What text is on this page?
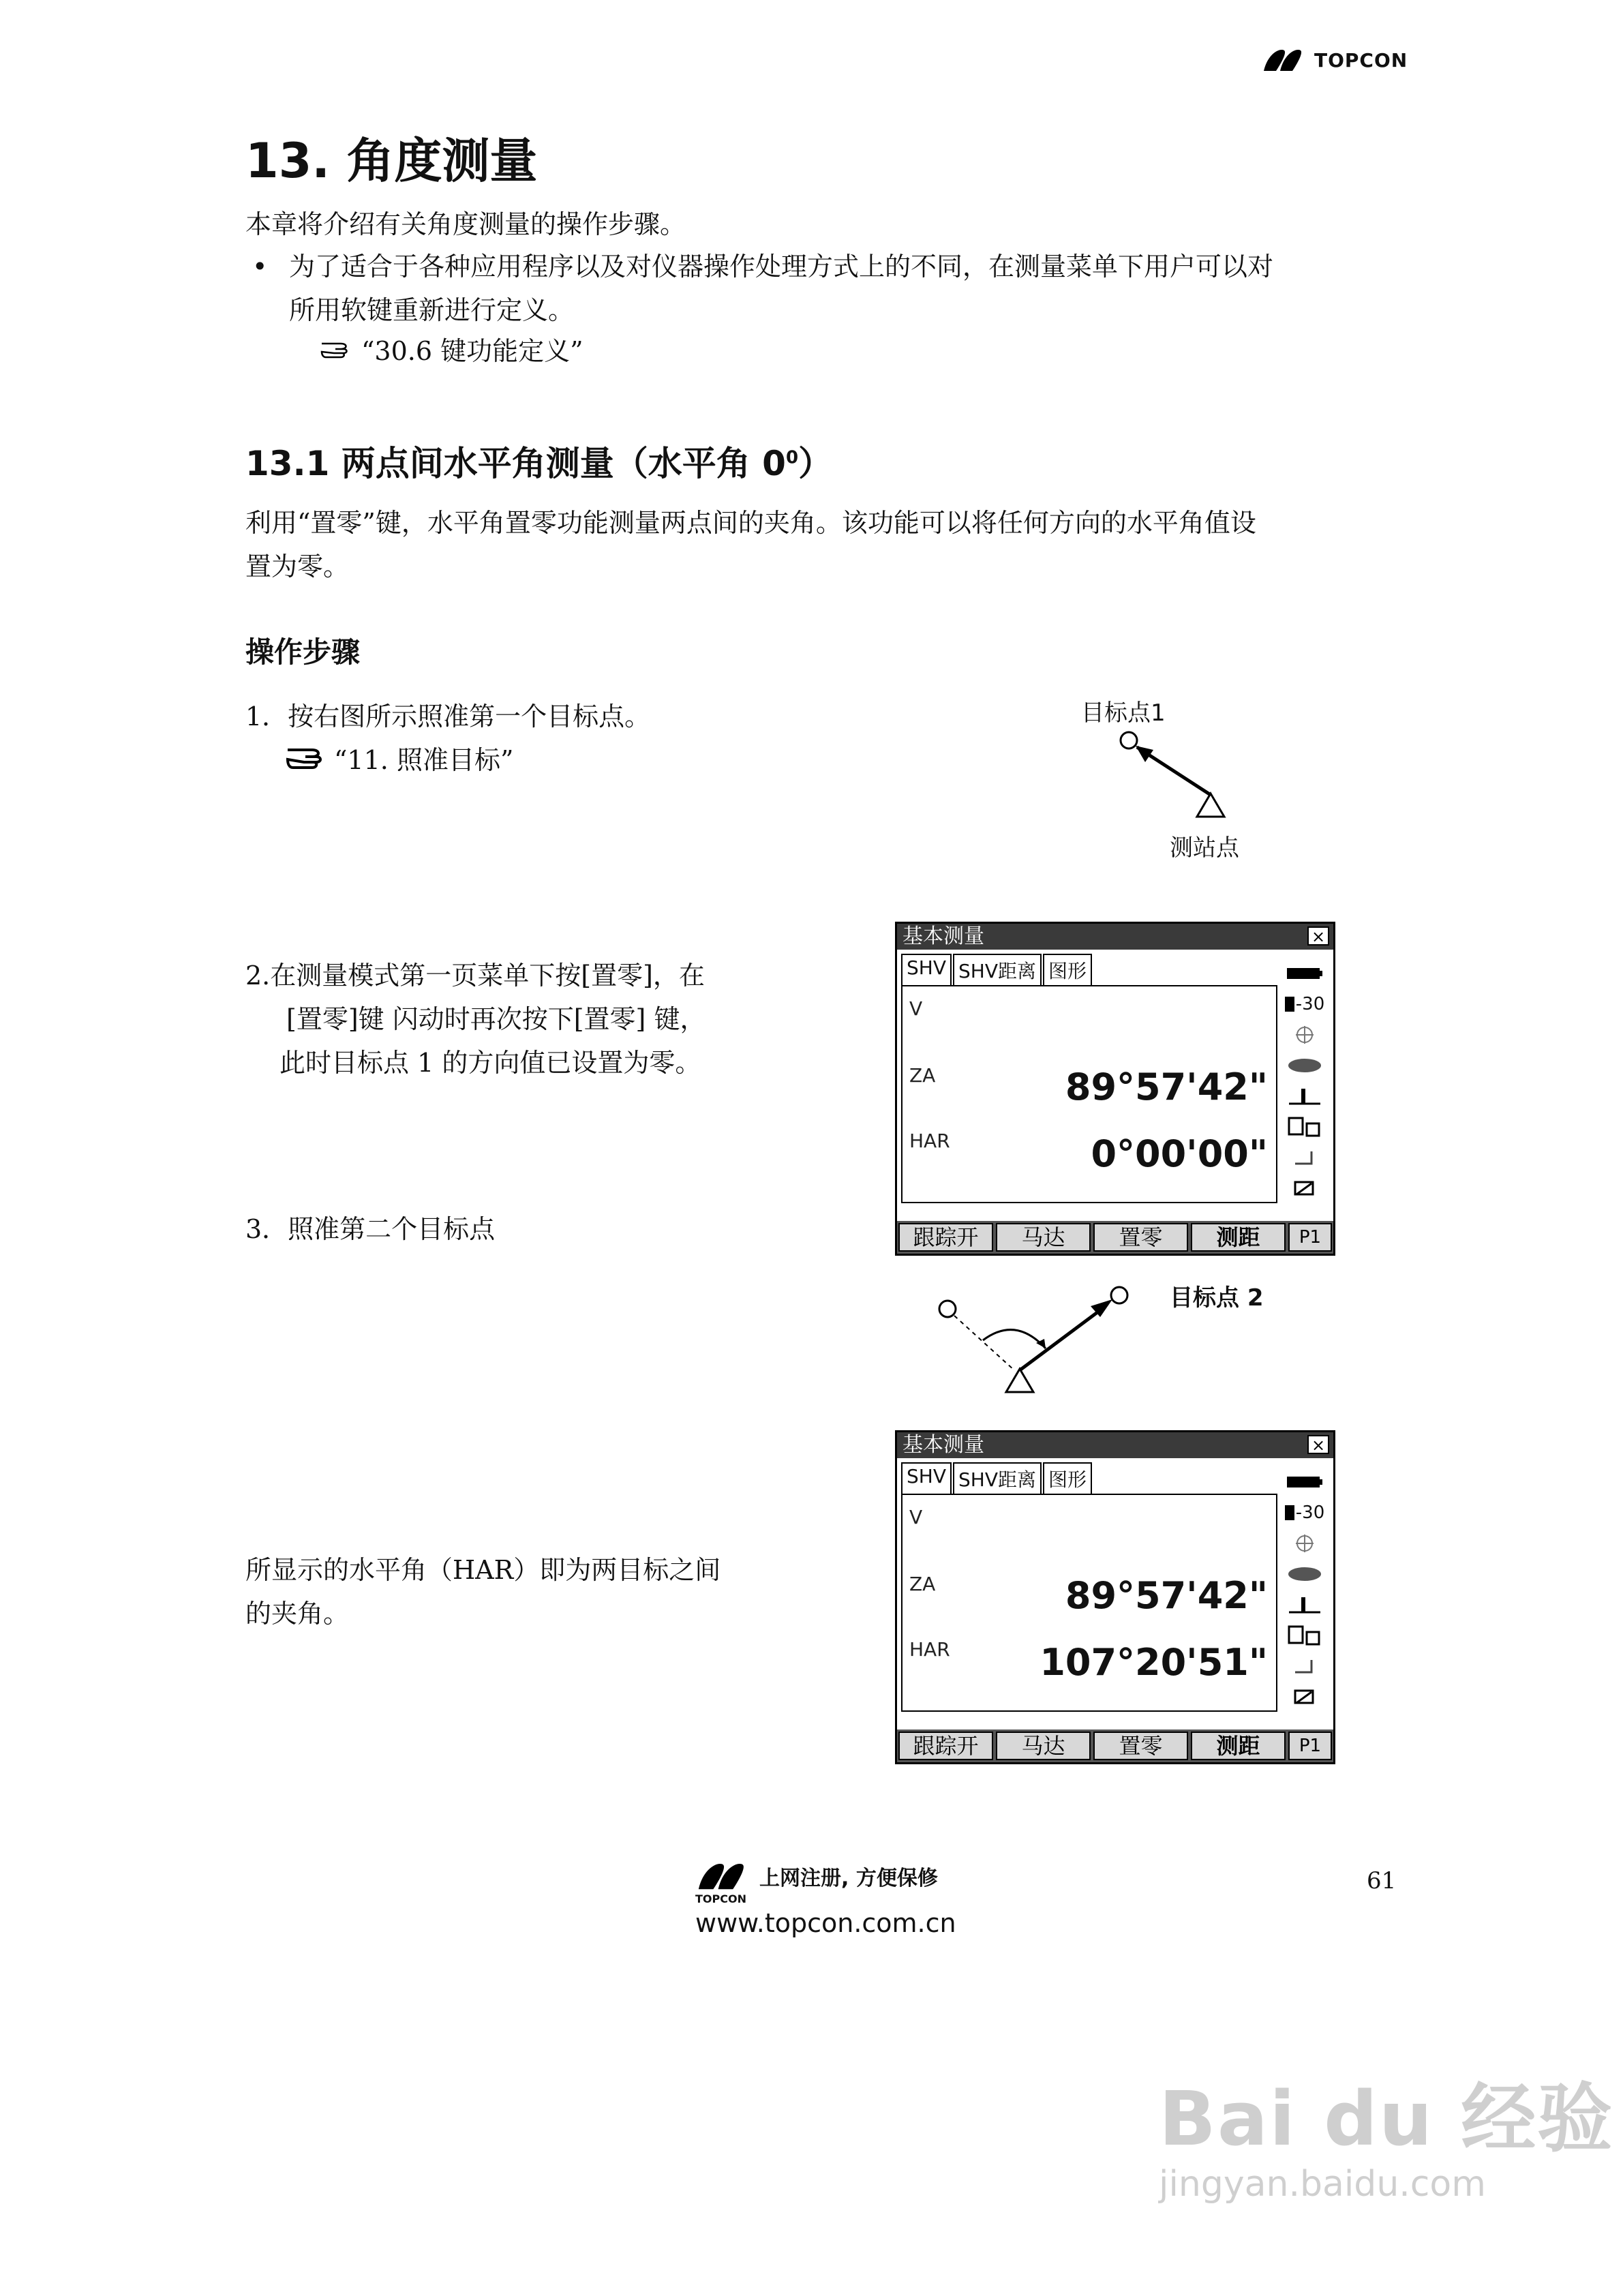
TOPCON
13. 角度测量
本章将介绍有关角度测量的操作步骤。
• 为了适合于各种应用程序以及对仪器操作处理方式上的不同，在测量菜单下用户可以对
所用软键重新进行定义。
“30.6 键功能定义”
13.1 两点间水平角测量（水平角 $0^0$）
利用“置零”键，水平角置零功能测量两点间的夹角。该功能可以将任何方向的水平角值设
置为零。
操作步骤
1．按右图所示照准第一个目标点。
“11. 照准目标”
目标点1
测站点
2.在测量模式第一页菜单下按[置零]，在
[置零]键 闪动时再次按下[置零] 键，
此时目标点 1 的方向值已设置为零。
基本测量	×
SHV SHV距离 图形
V
ZA	89°57'42"
HAR	0°00'00"
-30
跟踪开	马达	置零	测距	P1
3．照准第二个目标点
目标点 2
基本测量	×
SHV SHV距离 图形
V
ZA	89°57'42"
HAR 107°20'51"
-30
跟踪开	马达	置零	测距	P1
所显示的水平角（HAR）即为两目标之间
的夹角。
上网注册, 方便保修
TOPCON
www.topcon.com.cn
61
Bai du 经验
jingyan.baidu.com
